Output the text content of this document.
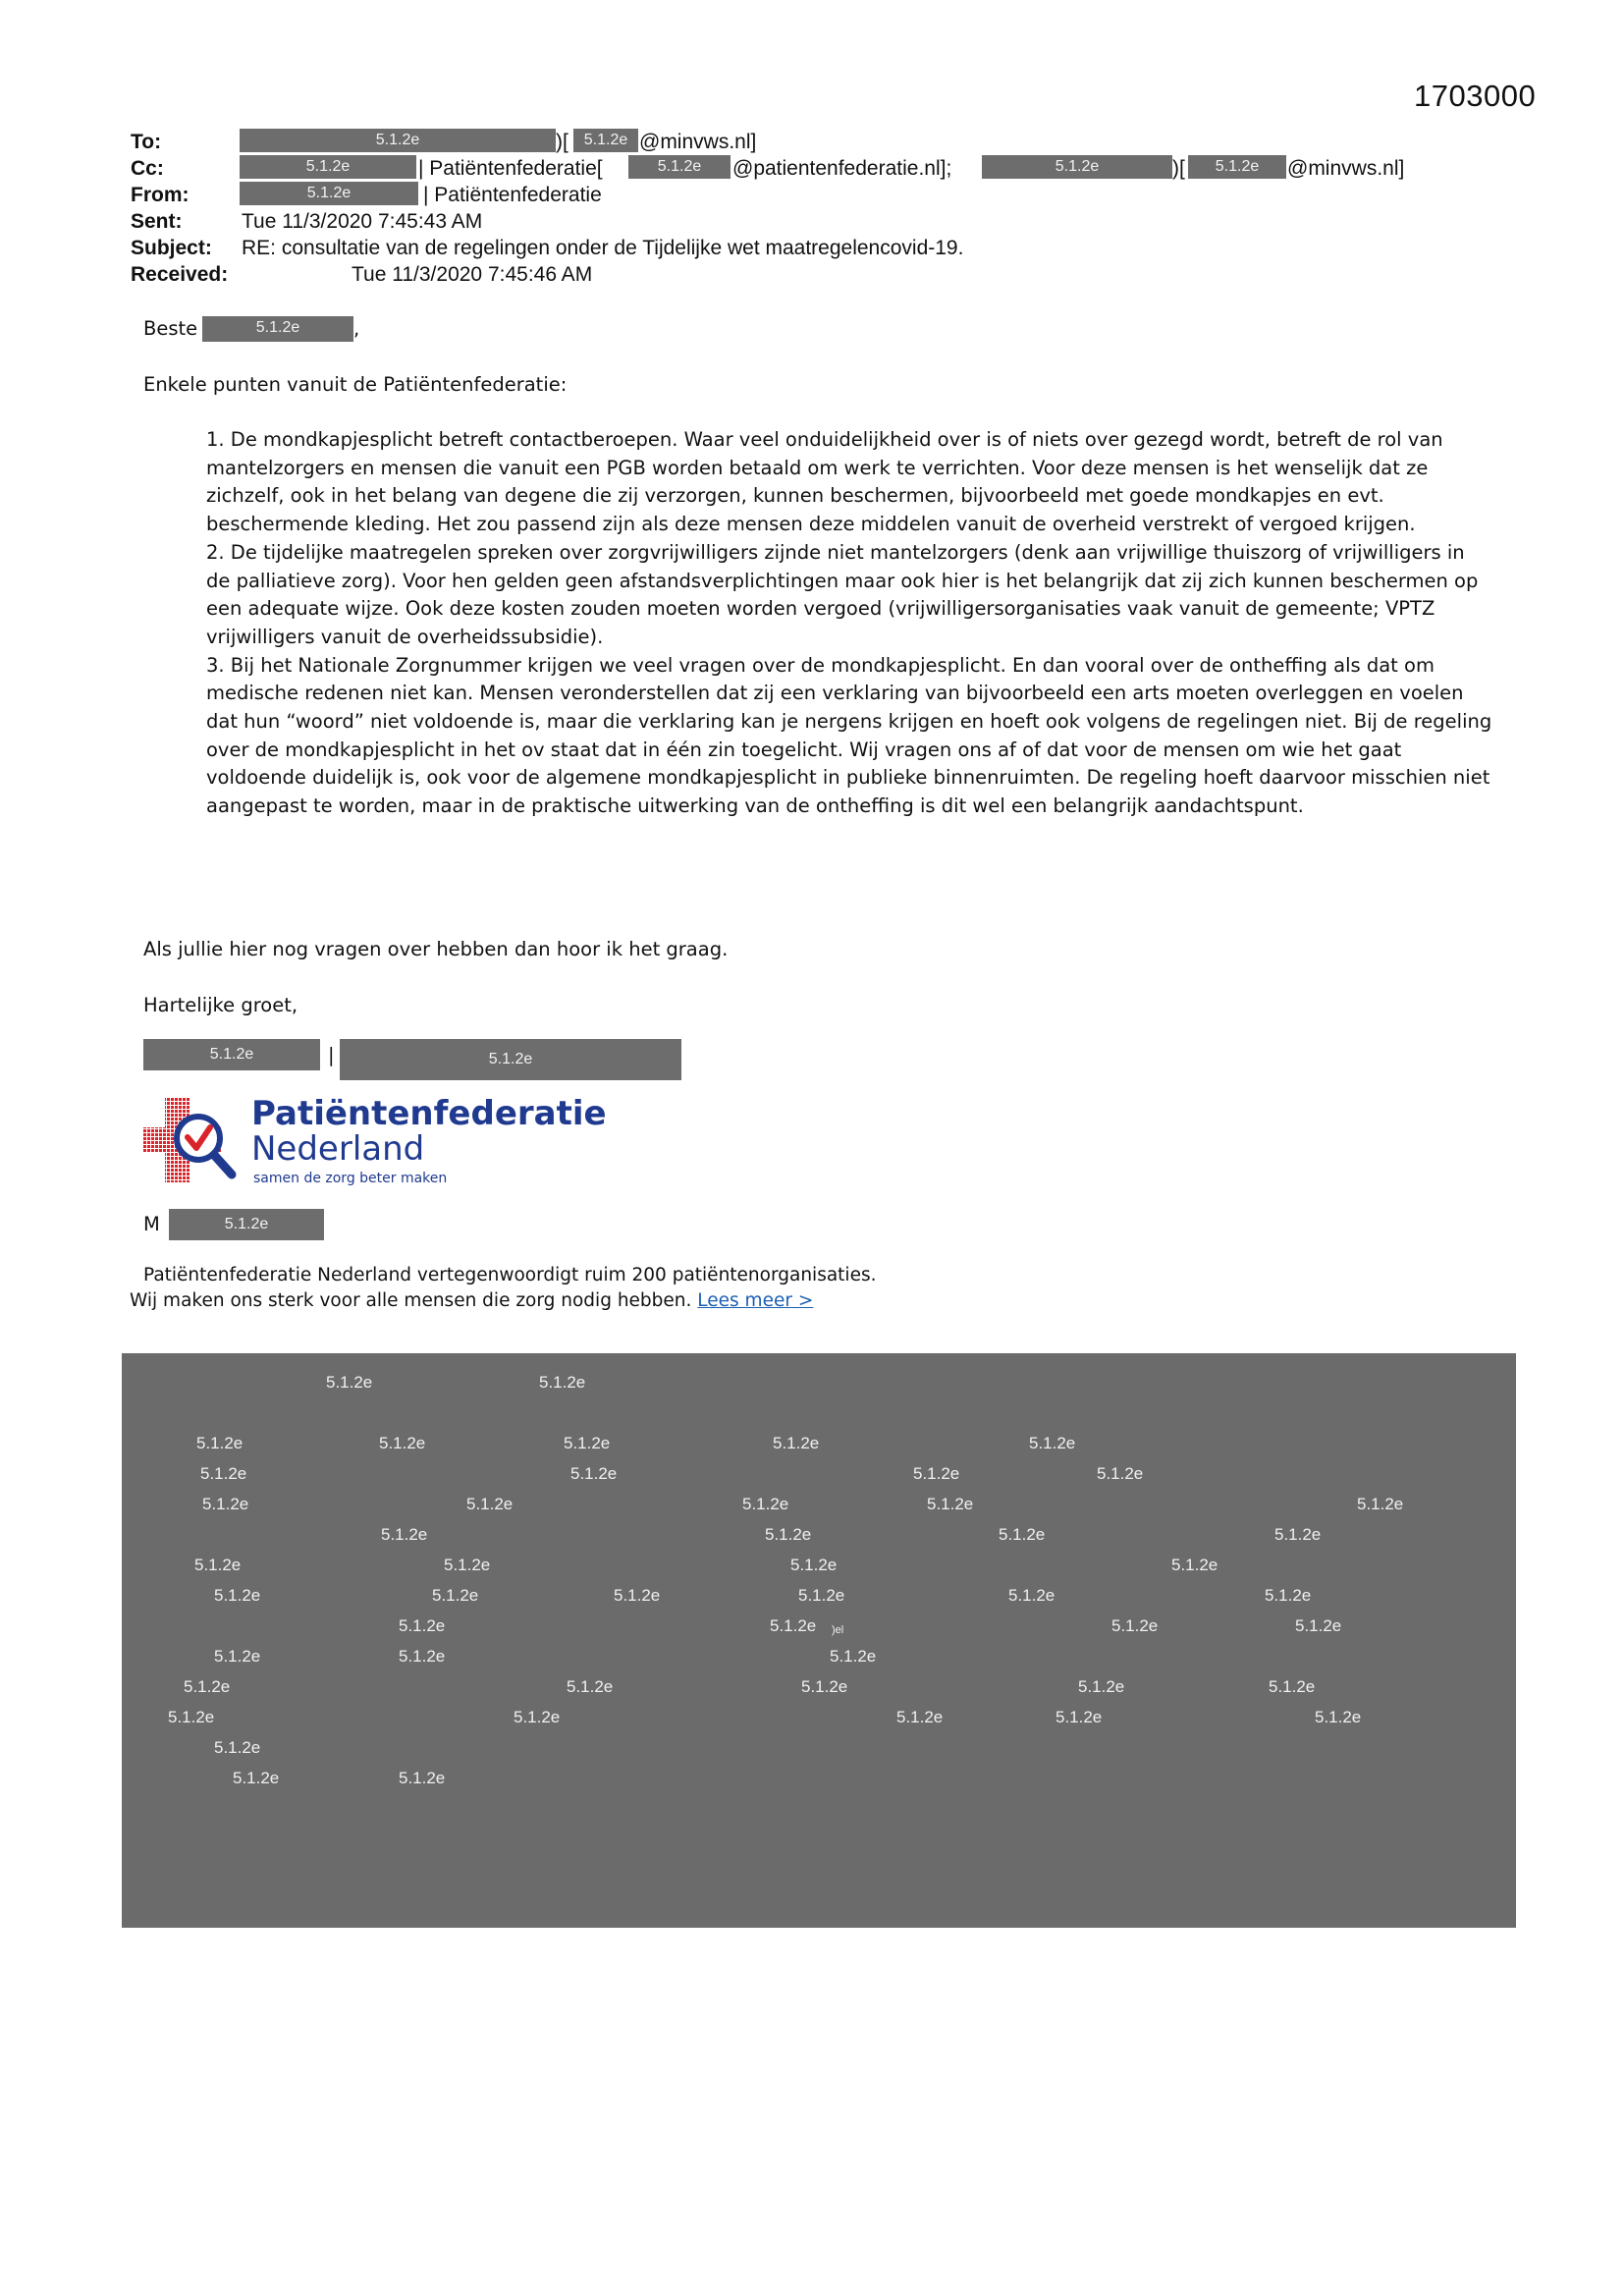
1703000
To:	5.1.2e	)[ 5.1.2e @minvws.nl]
Cc:	5.1.2e	| Patiëntenfederatie[	5.1.2e	@patientenfederatie.nl];	5.1.2e	)[	5.1.2e	@minvws.nl]
From:	5.1.2e	| Patiëntenfederatie
Sent:	Tue 11/3/2020 7:45:43 AM
Subject: RE: consultatie van de regelingen onder de Tijdelijke wet maatregelencovid-19.
Received:	Tue 11/3/2020 7:45:46 AM
Beste	5.1.2e	,
Enkele punten vanuit de Patiëntenfederatie:

1. De mondkapjesplicht betreft contactberoepen. Waar veel onduidelijkheid over is of niets over gezegd wordt, betreft de rol van mantelzorgers en mensen die vanuit een PGB worden betaald om werk te verrichten. Voor deze mensen is het wenselijk dat ze zichzelf, ook in het belang van degene die zij verzorgen, kunnen beschermen, bijvoorbeeld met goede mondkapjes en evt. beschermende kleding. Het zou passend zijn als deze mensen deze middelen vanuit de overheid verstrekt of vergoed krijgen.

2. De tijdelijke maatregelen spreken over zorgvrijwilligers zijnde niet mantelzorgers (denk aan vrijwillige thuiszorg of vrijwilligers in de palliatieve zorg). Voor hen gelden geen afstandsverplichtingen maar ook hier is het belangrijk dat zij zich kunnen beschermen op een adequate wijze. Ook deze kosten zouden moeten worden vergoed (vrijwilligersorganisaties vaak vanuit de gemeente; VPTZ vrijwilligers vanuit de overheidssubsidie).

3. Bij het Nationale Zorgnummer krijgen we veel vragen over de mondkapjesplicht. En dan vooral over de ontheffing als dat om medische redenen niet kan. Mensen veronderstellen dat zij een verklaring van bijvoorbeeld een arts moeten overleggen en voelen dat hun “woord” niet voldoende is, maar die verklaring kan je nergens krijgen en hoeft ook volgens de regelingen niet. Bij de regeling over de mondkapjesplicht in het ov staat dat in één zin toegelicht. Wij vragen ons af of dat voor de mensen om wie het gaat voldoende duidelijk is, ook voor de algemene mondkapjesplicht in publieke binnenruimten. De regeling hoeft daarvoor misschien niet aangepast te worden, maar in de praktische uitwerking van de ontheffing is dit wel een belangrijk aandachtspunt.

Als jullie hier nog vragen over hebben dan hoor ik het graag.
Hartelijke groet,
5.1.2e	|	5.1.2e
Patiëntenfederatie
Nederland
samen de zorg beter maken
M	5.1.2e
Patiëntenfederatie Nederland vertegenwoordigt ruim 200 patiëntenorganisaties.
Wij maken ons sterk voor alle mensen die zorg nodig hebben. Lees meer >
5.1.2e	5.1.2e
5.1.2e	5.1.2e	5.1.2e	5.1.2e	5.1.2e
5.1.2e	5.1.2e	5.1.2e	5.1.2e
5.1.2e	5.1.2e	5.1.2e	5.1.2e	5.1.2e
5.1.2e	5.1.2e	5.1.2e	5.1.2e
5.1.2e	5.1.2e	5.1.2e	5.1.2e
5.1.2e	5.1.2e	5.1.2e	5.1.2e	5.1.2e	5.1.2e
5.1.2e	5.1.2e )el	5.1.2e	5.1.2e
5.1.2e	5.1.2e	5.1.2e
5.1.2e	5.1.2e	5.1.2e	5.1.2e	5.1.2e
5.1.2e	5.1.2e	5.1.2e	5.1.2e	5.1.2e
5.1.2e
5.1.2e	5.1.2e
